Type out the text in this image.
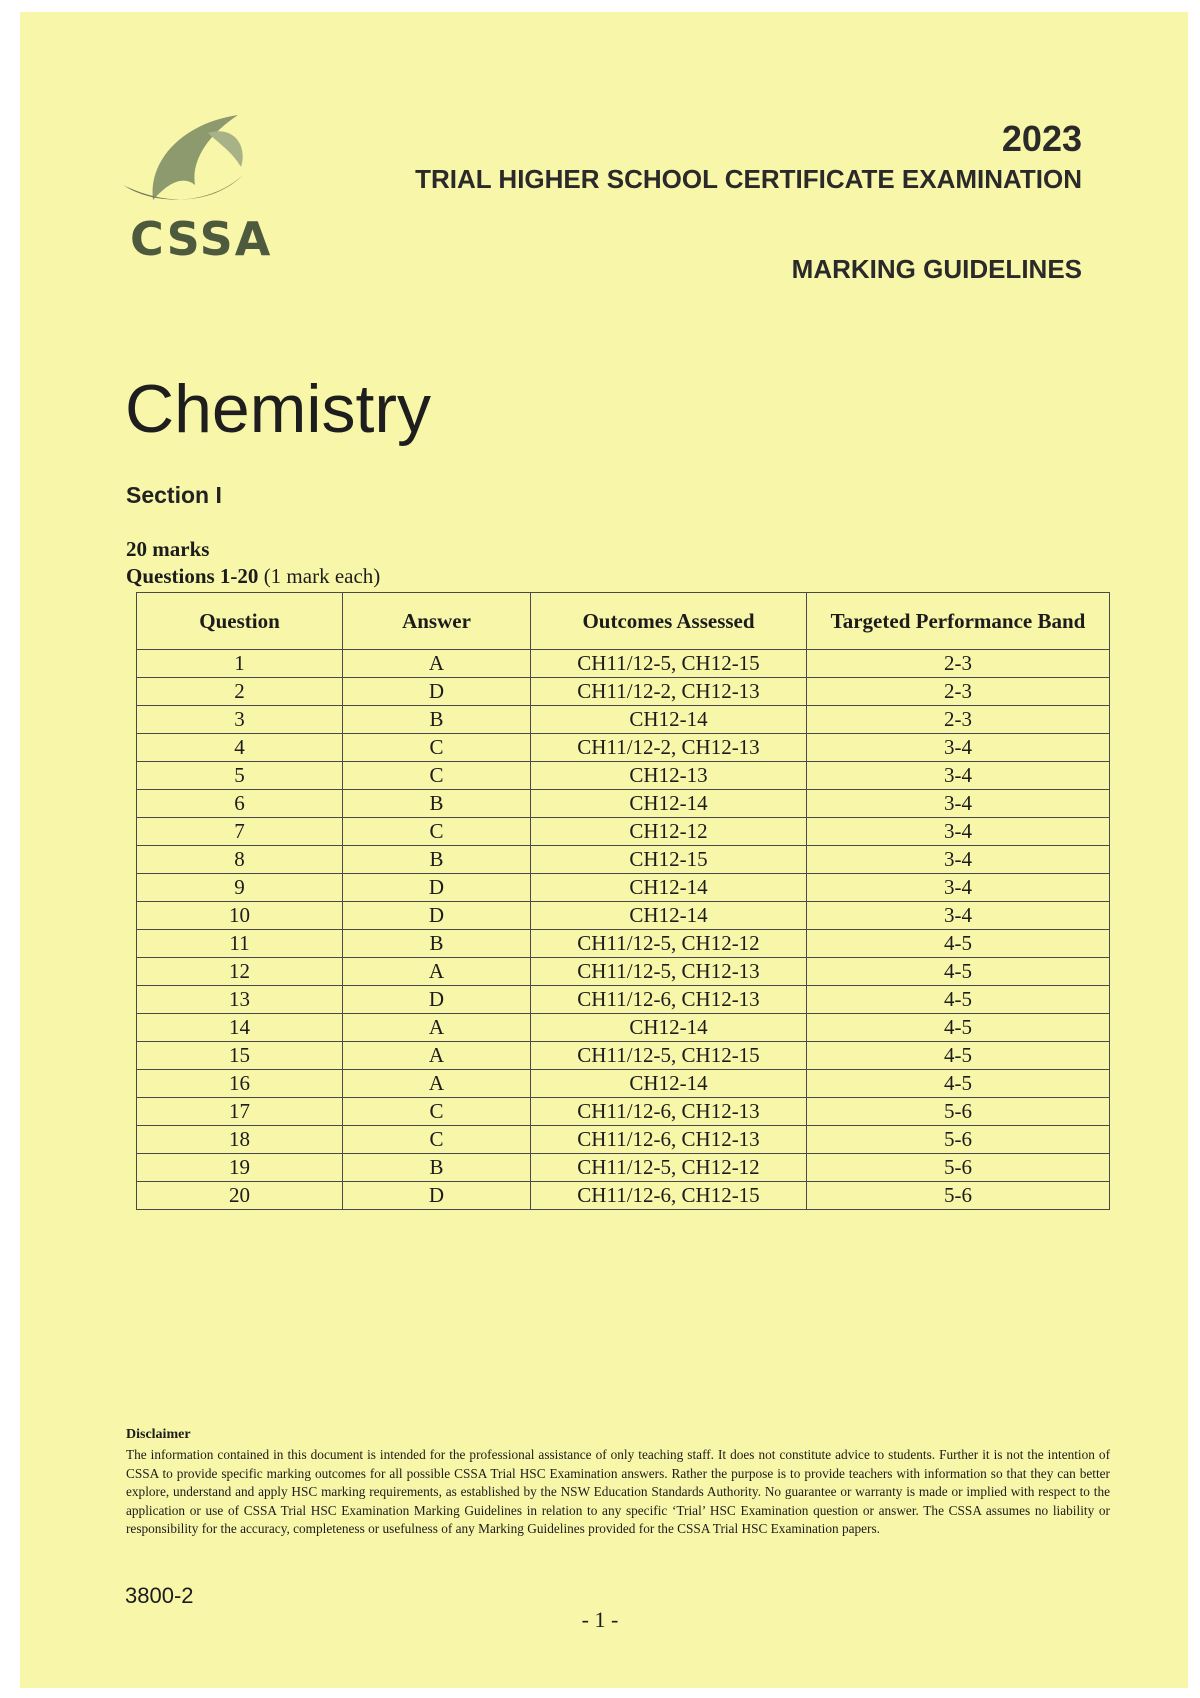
CSSA
2023
TRIAL HIGHER SCHOOL CERTIFICATE EXAMINATION
MARKING GUIDELINES
Chemistry
Section I
20 marks
Questions 1-20 (1 mark each)
Question	Answer	Outcomes Assessed	Targeted Performance Band
1	A	CH11/12-5, CH12-15	2-3
2	D	CH11/12-2, CH12-13	2-3
3	B	CH12-14	2-3
4	C	CH11/12-2, CH12-13	3-4
5	C	CH12-13	3-4
6	B	CH12-14	3-4
7	C	CH12-12	3-4
8	B	CH12-15	3-4
9	D	CH12-14	3-4
10	D	CH12-14	3-4
11	B	CH11/12-5, CH12-12	4-5
12	A	CH11/12-5, CH12-13	4-5
13	D	CH11/12-6, CH12-13	4-5
14	A	CH12-14	4-5
15	A	CH11/12-5, CH12-15	4-5
16	A	CH12-14	4-5
17	C	CH11/12-6, CH12-13	5-6
18	C	CH11/12-6, CH12-13	5-6
19	B	CH11/12-5, CH12-12	5-6
20	D	CH11/12-6, CH12-15	5-6
Disclaimer
The information contained in this document is intended for the professional assistance of only teaching staff. It does not constitute advice to students. Further it is not the intention of CSSA to provide specific marking outcomes for all possible CSSA Trial HSC Examination answers. Rather the purpose is to provide teachers with information so that they can better explore, understand and apply HSC marking requirements, as established by the NSW Education Standards Authority. No guarantee or warranty is made or implied with respect to the application or use of CSSA Trial HSC Examination Marking Guidelines in relation to any specific ‘Trial’ HSC Examination question or answer. The CSSA assumes no liability or responsibility for the accuracy, completeness or usefulness of any Marking Guidelines provided for the CSSA Trial HSC Examination papers.
3800-2
- 1 -
